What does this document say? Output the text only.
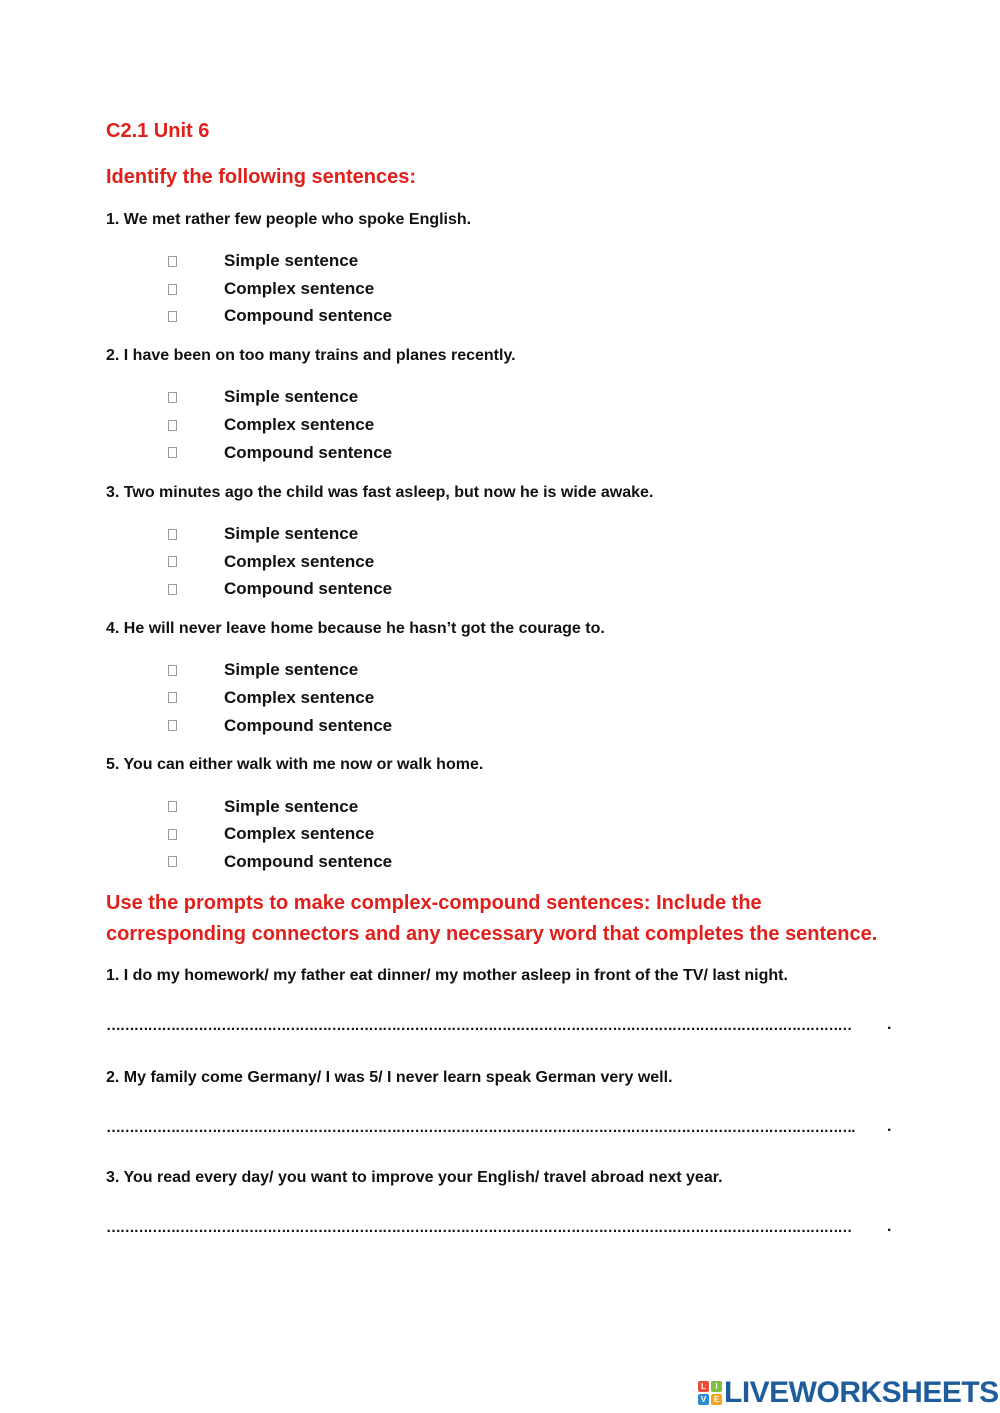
C2.1 Unit 6
Identify the following sentences:
1. We met rather few people who spoke English.
Simple sentence
Complex sentence
Compound sentence
2. I have been on too many trains and planes recently.
Simple sentence
Complex sentence
Compound sentence
3. Two minutes ago the child was fast asleep, but now he is wide awake.
Simple sentence
Complex sentence
Compound sentence
4. He will never leave home because he hasn’t got the courage to.
Simple sentence
Complex sentence
Compound sentence
5. You can either walk with me now or walk home.
Simple sentence
Complex sentence
Compound sentence
Use the prompts to make complex-compound sentences: Include the
corresponding connectors and any necessary word that completes the sentence.
1. I do my homework/ my father eat dinner/ my mother asleep in front of the TV/ last night.
………………………………………………………………………………………………………………………………………………	.
2. My family come Germany/ I was 5/ I never learn speak German very well.
……………………………………………………………………………………………………………………………………………….	.
3. You read every day/ you want to improve your English/ travel abroad next year.
………………………………………………………………………………………………………………………………………………	.
L	I
V E LIVEWORKSHEETS
